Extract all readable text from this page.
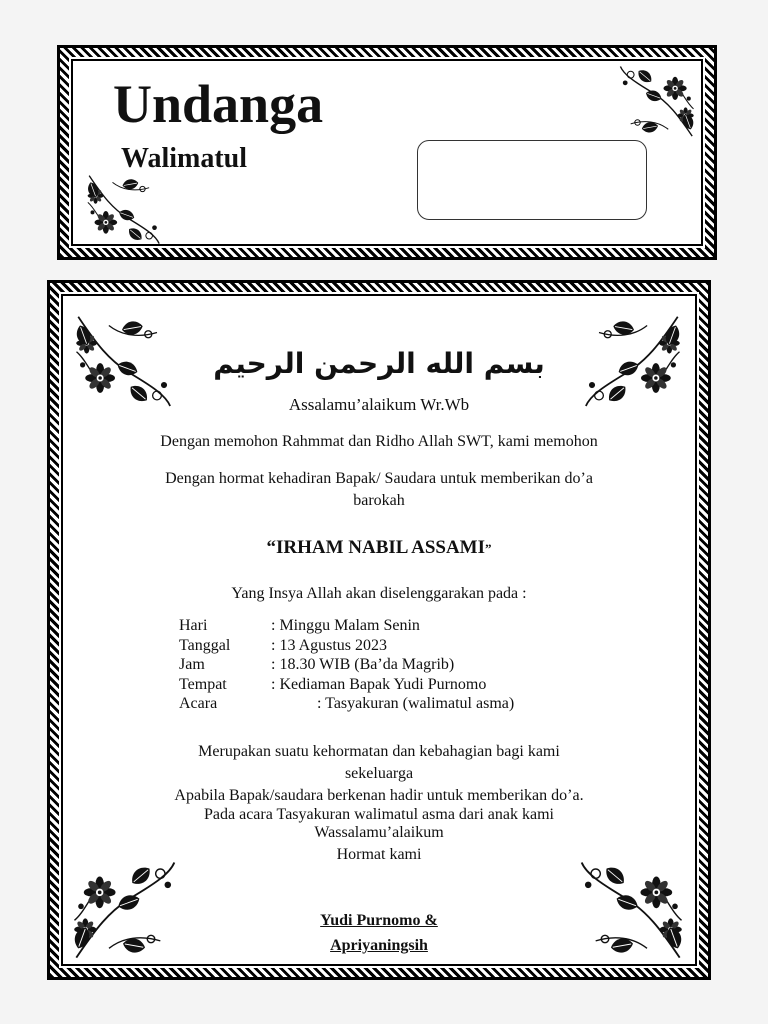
Undanga
Walimatul
بسم الله الرحمن الرحيم
Assalamu’alaikum Wr.Wb
Dengan memohon Rahmmat dan Ridho Allah SWT, kami memohon
Dengan hormat kehadiran Bapak/ Saudara untuk memberikan do’a
barokah
Pada acara Tasyakuran walimatul asma dari anak kami
“IRHAM NABIL ASSAMI”
Yang Insya Allah akan diselenggarakan pada :
Hari	: Minggu Malam Senin
Tanggal	: 13 Agustus 2023
Jam	: 18.30 WIB (Ba’da Magrib)
Tempat	: Kediaman Bapak Yudi Purnomo
Acara	: Tasyakuran (walimatul asma)
Merupakan suatu kehormatan dan kebahagian bagi kami
sekeluarga
Apabila Bapak/saudara berkenan hadir untuk memberikan do’a.
Wassalamu’alaikum
Hormat kami
Yudi Purnomo &
Apriyaningsih
